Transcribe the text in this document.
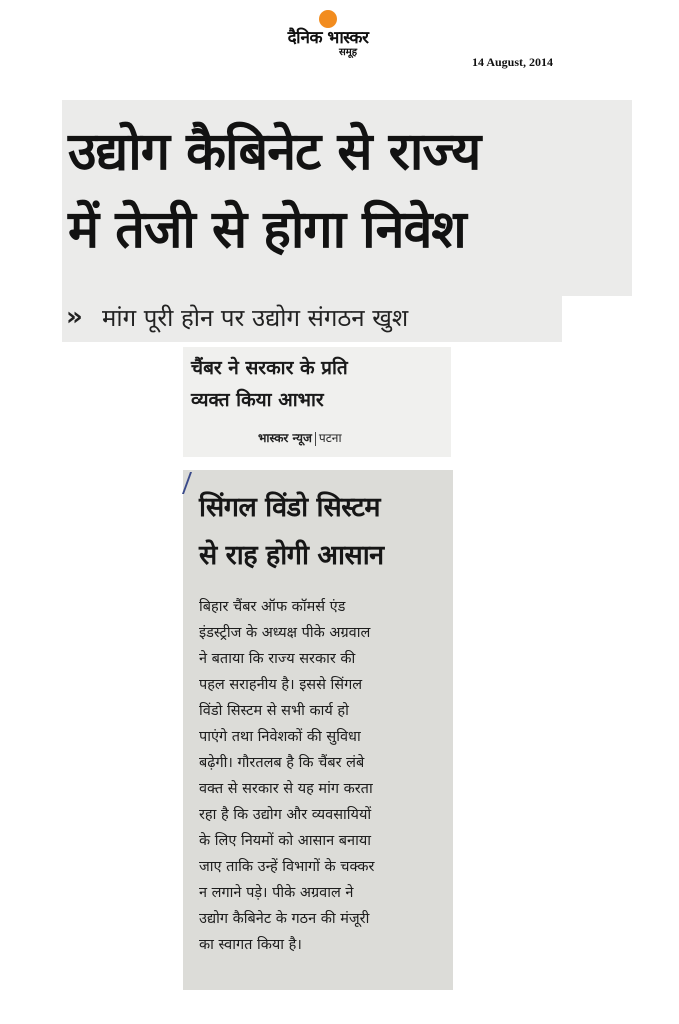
दैनिक भास्कर
समूह
14 August, 2014
उद्योग कैबिनेट से राज्य
में तेजी से होगा निवेश
» मांग पूरी होन पर उद्योग संगठन खुश
चैंबर ने सरकार के प्रति
व्यक्त किया आभार
भास्कर न्यूज पटना
सिंगल विंडो सिस्टम
से राह होगी आसान
बिहार चैंबर ऑफ कॉमर्स एंड
इंडस्ट्रीज के अध्यक्ष पीके अग्रवाल
ने बताया कि राज्य सरकार की
पहल सराहनीय है। इससे सिंगल
विंडो सिस्टम से सभी कार्य हो
पाएंगे तथा निवेशकों की सुविधा
बढ़ेगी। गौरतलब है कि चैंबर लंबे
वक्त से सरकार से यह मांग करता
रहा है कि उद्योग और व्यवसायियों
के लिए नियमों को आसान बनाया
जाए ताकि उन्हें विभागों के चक्कर
न लगाने पड़े। पीके अग्रवाल ने
उद्योग कैबिनेट के गठन की मंजूरी
का स्वागत किया है।
